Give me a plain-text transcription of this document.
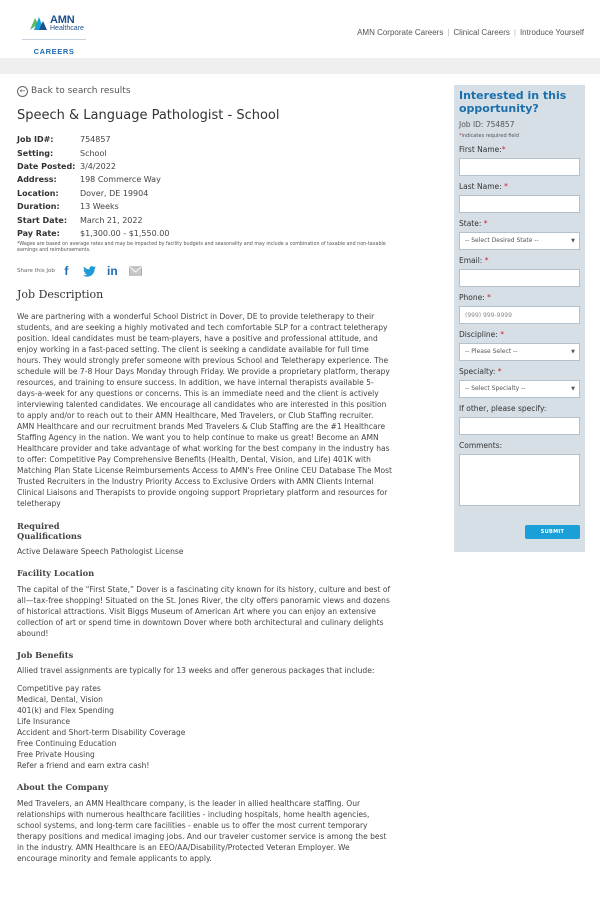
AMN
Healthcare
CAREERS
AMN Corporate Careers | Clinical Careers | Introduce Yourself
← Back to search results
Speech & Language Pathologist - School
Job ID#:	754857
Setting:	School
Date Posted: 3/4/2022
Address:	198 Commerce Way
Location:	Dover, DE 19904
Duration:	13 Weeks
Start Date:	March 21, 2022
Pay Rate:	$1,300.00 - $1,550.00

*Wages are based on average rates and may be impacted by facility budgets and seasonality and may include a combination of taxable and non-taxable earnings and reimbursements.

Share this Job f	in
Job Description

We are partnering with a wonderful School District in Dover, DE to provide teletherapy to their students, and are seeking a highly motivated and tech comfortable SLP for a contract teletherapy position. Ideal candidates must be team-players, have a positive and professional attitude, and enjoy working in a fast-paced setting. The client is seeking a candidate available for full time hours. They would strongly prefer someone with previous School and Teletherapy experience. The schedule will be 7-8 Hour Days Monday through Friday. We provide a proprietary platform, therapy resources, and training to ensure success. In addition, we have internal therapists available 5-days-a-week for any questions or concerns. This is an immediate need and the client is actively interviewing talented candidates. We encourage all candidates who are interested in this position to apply and/or to reach out to their AMN Healthcare, Med Travelers, or Club Staffing recruiter. AMN Healthcare and our recruitment brands Med Travelers & Club Staffing are the #1 Healthcare Staffing Agency in the nation. We want you to help continue to make us great! Become an AMN Healthcare provider and take advantage of what working for the best company in the industry has to offer: Competitive Pay Comprehensive Benefits (Health, Dental, Vision, and Life) 401K with Matching Plan State License Reimbursements Access to AMN's Free Online CEU Database The Most Trusted Recruiters in the Industry Priority Access to Exclusive Orders with AMN Clients Internal Clinical Liaisons and Therapists to provide ongoing support Proprietary platform and resources for teletherapy

Required
Qualifications

Active Delaware Speech Pathologist License

Facility Location

The capital of the “First State,” Dover is a fascinating city known for its history, culture and best of all—tax-free shopping! Situated on the St. Jones River, the city offers panoramic views and dozens of historical attractions. Visit Biggs Museum of American Art where you can enjoy an extensive collection of art or spend time in downtown Dover where both architectural and culinary delights abound!

Job Benefits

Allied travel assignments are typically for 13 weeks and offer generous packages that include:

Competitive pay rates
Medical, Dental, Vision
401(k) and Flex Spending
Life Insurance
Accident and Short-term Disability Coverage
Free Continuing Education
Free Private Housing
Refer a friend and earn extra cash!
About the Company

Med Travelers, an AMN Healthcare company, is the leader in allied healthcare staffing. Our relationships with numerous healthcare facilities - including hospitals, home health agencies, school systems, and long-term care facilities - enable us to offer the most current temporary therapy positions and medical imaging jobs. And our traveler customer service is among the best in the industry. AMN Healthcare is an EEO/AA/Disability/Protected Veteran Employer. We encourage minority and female applicants to apply.

Interested in this opportunity?
Job ID: 754857
*indicates required field
First Name:*
Last Name: *
State: *
-- Select Desired State --	▼
Email: *
Phone: *
(999) 999-9999
Discipline: *
-- Please Select --	▼
Specialty: *
-- Select Specialty --	▼
If other, please specify:
Comments:
SUBMIT
